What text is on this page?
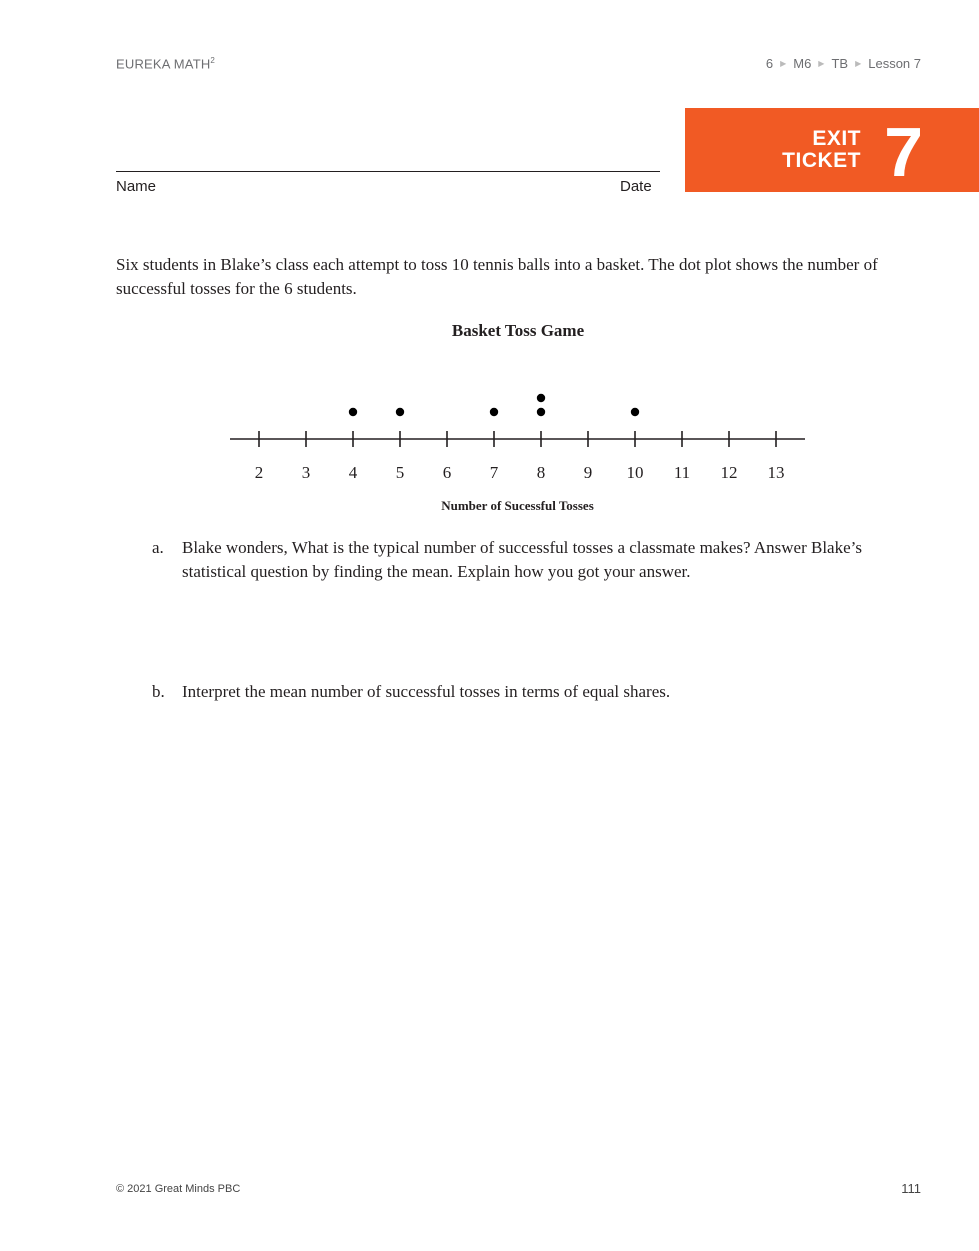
EUREKA MATH$^2$	6 ▶ M6 ▶ TB ▶ Lesson 7
Name	Date
EXIT
TICKET 7
Six students in Blake’s class each attempt to toss 10 tennis balls into a basket. The dot plot shows the number of successful tosses for the 6 students.
Basket Toss Game
2 3 4 5 6 7 8 9 10 11 12 13
Number of Sucessful Tosses
a.	Blake wonders, What is the typical number of successful tosses a classmate makes? Answer Blake’s statistical question by finding the mean. Explain how you got your answer.
b.	Interpret the mean number of successful tosses in terms of equal shares.
© 2021 Great Minds PBC	111
